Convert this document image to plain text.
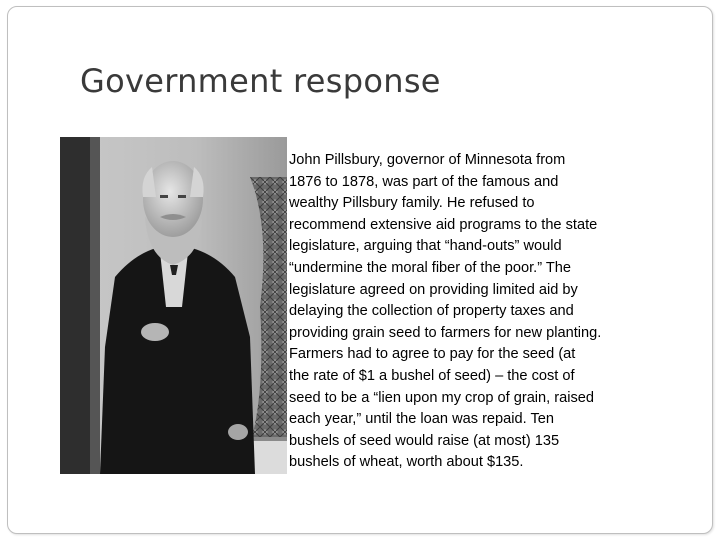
Government response
John Pillsbury, governor of Minnesota from
1876 to 1878, was part of the famous and
wealthy Pillsbury family. He refused to
recommend extensive aid programs to the state
legislature, arguing that “hand-outs” would
“undermine the moral fiber of the poor.” The
legislature agreed on providing limited aid by
delaying the collection of property taxes and
providing grain seed to farmers for new planting.
Farmers had to agree to pay for the seed (at
the rate of $1 a bushel of seed) – the cost of
seed to be a “lien upon my crop of grain, raised
each year,” until the loan was repaid. Ten
bushels of seed would raise (at most) 135
bushels of wheat, worth about $135.
